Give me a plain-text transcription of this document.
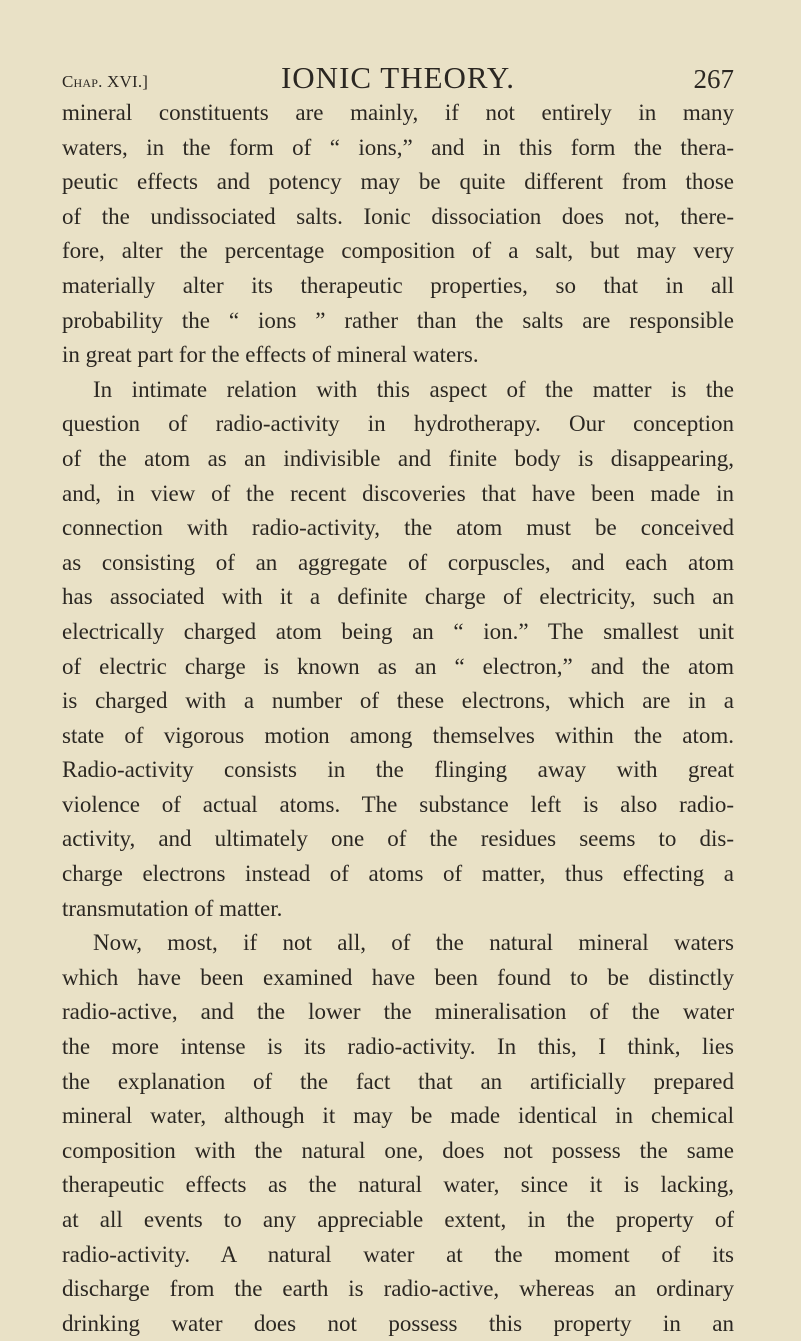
Chap. XVI.]	IONIC THEORY.	267
mineral constituents are mainly, if not entirely in many
waters, in the form of “ ions,” and in this form the thera-
peutic effects and potency may be quite different from those
of the undissociated salts. Ionic dissociation does not, there-
fore, alter the percentage composition of a salt, but may very
materially alter its therapeutic properties, so that in all
probability the “ ions ” rather than the salts are responsible
in great part for the effects of mineral waters.
In intimate relation with this aspect of the matter is the
question of radio-activity in hydrotherapy. Our conception
of the atom as an indivisible and finite body is disappearing,
and, in view of the recent discoveries that have been made in
connection with radio-activity, the atom must be conceived
as consisting of an aggregate of corpuscles, and each atom
has associated with it a definite charge of electricity, such an
electrically charged atom being an “ ion.” The smallest unit
of electric charge is known as an “ electron,” and the atom
is charged with a number of these electrons, which are in a
state of vigorous motion among themselves within the atom.
Radio-activity consists in the flinging away with great
violence of actual atoms. The substance left is also radio-
activity, and ultimately one of the residues seems to dis-
charge electrons instead of atoms of matter, thus effecting a
transmutation of matter.
Now, most, if not all, of the natural mineral waters
which have been examined have been found to be distinctly
radio-active, and the lower the mineralisation of the water
the more intense is its radio-activity. In this, I think, lies
the explanation of the fact that an artificially prepared
mineral water, although it may be made identical in chemical
composition with the natural one, does not possess the same
therapeutic effects as the natural water, since it is lacking,
at all events to any appreciable extent, in the property of
radio-activity. A natural water at the moment of its
discharge from the earth is radio-active, whereas an ordinary
drinking water does not possess this property in an
